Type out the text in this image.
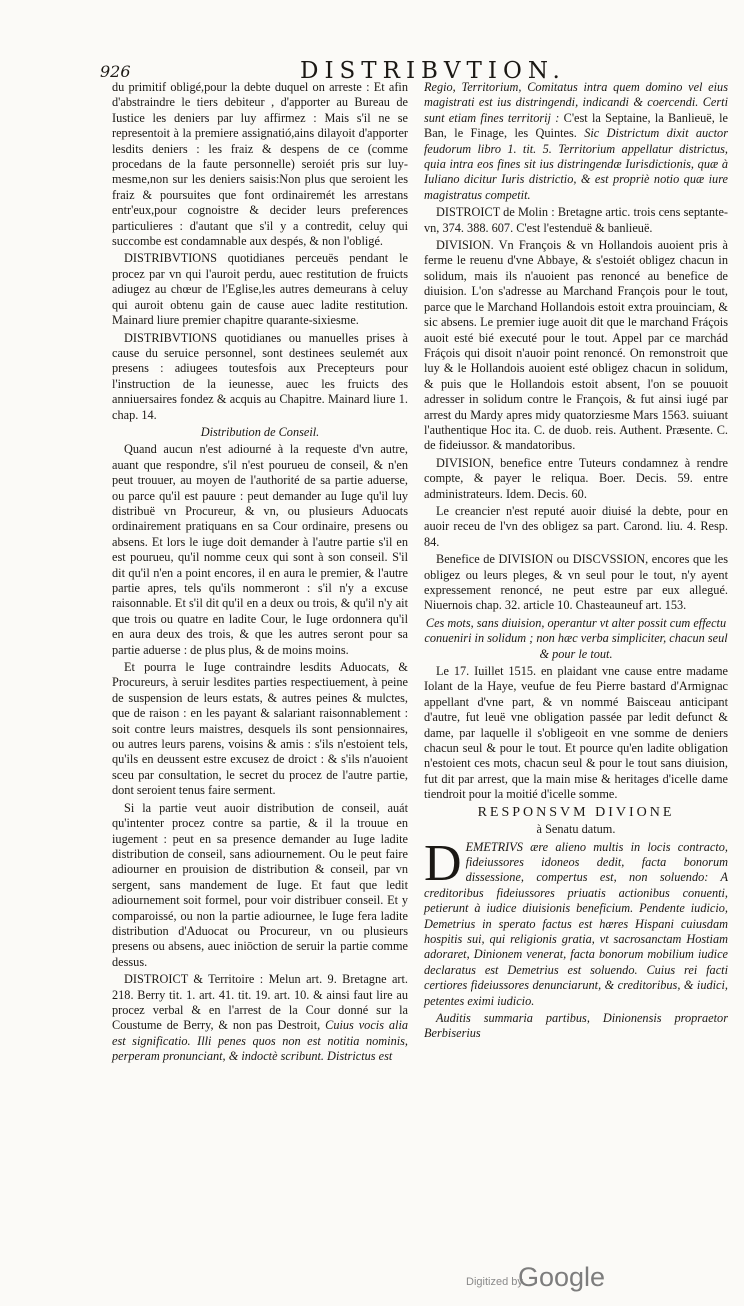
926	DISTRIBVTION.

du primitif obligé,pour la debte duquel on arreste : Et afin d'abstraindre le tiers debiteur , d'apporter au Bureau de Iustice les deniers par luy affirmez : Mais s'il ne se representoit à la premiere assignatió,ains dilayoit d'apporter lesdits deniers : les fraiz & despens de ce (comme procedans de la faute personnelle) seroiét pris sur luy-mesme,non sur les deniers saisis:Non plus que seroient les fraiz & poursuites que font ordinairemét les arrestans entr'eux,pour cognoistre & decider leurs preferences particulieres : d'autant que s'il y a contredit, celuy qui succombe est condamnable aux despés, & non l'obligé.

DISTRIBVTIONS quotidianes perceuës pendant le procez par vn qui l'auroit perdu, auec restitution de fruicts adiugez au chœur de l'Eglise,les autres demeurans à celuy qui auroit obtenu gain de cause auec ladite restitution. Mainard liure premier chapitre quarante-sixiesme.

DISTRIBVTIONS quotidianes ou manuelles prises à cause du seruice personnel, sont destinees seulemét aux presens : adiugees toutesfois aux Precepteurs pour l'instruction de la ieunesse, auec les fruicts des anniuersaires fondez & acquis au Chapitre. Mainard liure 1. chap. 14.

Distribution de Conseil.

Quand aucun n'est adiourné à la requeste d'vn autre, auant que respondre, s'il n'est pourueu de conseil, & n'en peut trouuer, au moyen de l'authorité de sa partie aduerse, ou parce qu'il est pauure : peut demander au Iuge qu'il luy distribuë vn Procureur, & vn, ou plusieurs Aduocats ordinairement pratiquans en sa Cour ordinaire, presens ou absens. Et lors le iuge doit demander à l'autre partie s'il en est pourueu, qu'il nomme ceux qui sont à son conseil. S'il dit qu'il n'en a point encores, il en aura le premier, & l'autre partie apres, tels qu'ils nommeront : s'il n'y a excuse raisonnable. Et s'il dit qu'il en a deux ou trois, & qu'il n'y ait que trois ou quatre en ladite Cour, le Iuge ordonnera qu'il en aura deux des trois, & que les autres seront pour sa partie aduerse : de plus plus, & de moins moins.

Et pourra le Iuge contraindre lesdits Aduocats, & Procureurs, à seruir lesdites parties respectiuement, à peine de suspension de leurs estats, & autres peines & mulctes, que de raison : en les payant & salariant raisonnablement : soit contre leurs maistres, desquels ils sont pensionnaires, ou autres leurs parens, voisins & amis : s'ils n'estoient tels, qu'ils en deussent estre excusez de droict : & s'ils n'auoient sceu par consultation, le secret du procez de l'autre partie, dont seroient tenus faire serment.

Si la partie veut auoir distribution de conseil, auát qu'intenter procez contre sa partie, & il la trouue en iugement : peut en sa presence demander au Iuge ladite distribution de conseil, sans adiournement. Ou le peut faire adiourner en prouision de distribution & conseil, par vn sergent, sans mandement de Iuge. Et faut que ledit adiournement soit formel, pour voir distribuer conseil. Et y comparoissé, ou non la partie adiournee, le Iuge fera ladite distribution d'Aduocat ou Procureur, vn ou plusieurs presens ou absens, auec iniōction de seruir la partie comme dessus.

DISTROICT & Territoire : Melun art. 9. Bretagne art. 218. Berry tit. 1. art. 41. tit. 19. art. 10. & ainsi faut lire au procez verbal & en l'arrest de la Cour donné sur la Coustume de Berry, & non pas Destroit, Cuius vocis alia est significatio. Illi penes quos non est notitia nominis, perperam pronunciant, & indoctè scribunt. Districtus est

Regio, Territorium, Comitatus intra quem domino vel eius magistrati est ius distringendi, indicandi & coercendi. Certi sunt etiam fines territorij : C'est la Septaine, la Banlieuë, le Ban, le Finage, les Quintes. Sic Districtum dixit auctor feudorum libro 1. tit. 5. Territorium appellatur districtus, quia intra eos fines sit ius distringendæ Iurisdictionis, quæ à Iuliano dicitur Iuris districtio, & est propriè notio quæ iure magistratus competit.

DISTROICT de Molin : Bretagne artic. trois cens septante-vn, 374. 388. 607. C'est l'estenduë & banlieuë.

DIVISION. Vn François & vn Hollandois auoient pris à ferme le reuenu d'vne Abbaye, & s'estoiét obligez chacun in solidum, mais ils n'auoient pas renoncé au benefice de diuision. L'on s'adresse au Marchand François pour le tout, parce que le Marchand Hollandois estoit extra prouinciam, & sic absens. Le premier iuge auoit dit que le marchand Fráçois auoit esté bié executé pour le tout. Appel par ce marchád Fráçois qui disoit n'auoir point renoncé. On remonstroit que luy & le Hollandois auoient esté obligez chacun in solidum, & puis que le Hollandois estoit absent, l'on se pouuoit adresser in solidum contre le François, & fut ainsi iugé par arrest du Mardy apres midy quatorziesme Mars 1563. suiuant l'authentique Hoc ita. C. de duob. reis. Authent. Præsente. C. de fideiussor. & mandatoribus.

DIVISION, benefice entre Tuteurs condamnez à rendre compte, & payer le reliqua. Boer. Decis. 59. entre administrateurs. Idem. Decis. 60.

Le creancier n'est reputé auoir diuisé la debte, pour en auoir receu de l'vn des obligez sa part. Carond. liu. 4. Resp. 84.

Benefice de DIVISION ou DISCVSSION, encores que les obligez ou leurs pleges, & vn seul pour le tout, n'y ayent expressement renoncé, ne peut estre par eux allegué. Niuernois chap. 32. article 10. Chasteauneuf art. 153.

Ces mots, sans diuision, operantur vt alter possit cum effectu conueniri in solidum ; non hæc verba simpliciter, chacun seul & pour le tout.

Le 17. Iuillet 1515. en plaidant vne cause entre madame Iolant de la Haye, veufue de feu Pierre bastard d'Armignac appellant d'vne part, & vn nommé Baisceau anticipant d'autre, fut leuë vne obligation passée par ledit defunct & dame, par laquelle il s'obligeoit en vne somme de deniers chacun seul & pour le tout. Et pource qu'en ladite obligation n'estoient ces mots, chacun seul & pour le tout sans diuision, fut dit par arrest, que la main mise & heritages d'icelle dame tiendroit pour la moitié d'icelle somme.

RESPONSVM DIVIONE

à Senatu datum.

D EMETRIVS ære alieno multis in locis contracto, fideiussores idoneos dedit, facta bonorum dissessione, compertus est, non soluendo: A creditoribus fideiussores priuatis actionibus conuenti, petierunt à iudice diuisionis beneficium. Pendente iudicio, Demetrius in sperato factus est hæres Hispani cuiusdam hospitis sui, qui religionis gratia, vt sacrosanctam Hostiam adoraret, Dinionem venerat, facta bonorum mobilium iudice declaratus est Demetrius est soluendo. Cuius rei facti certiores fideiussores denunciarunt, & creditoribus, & iudici, petentes eximi iudicio.

Auditis summaria partibus, Dinionensis propraetor Berbiserius

Digitized by
Google
